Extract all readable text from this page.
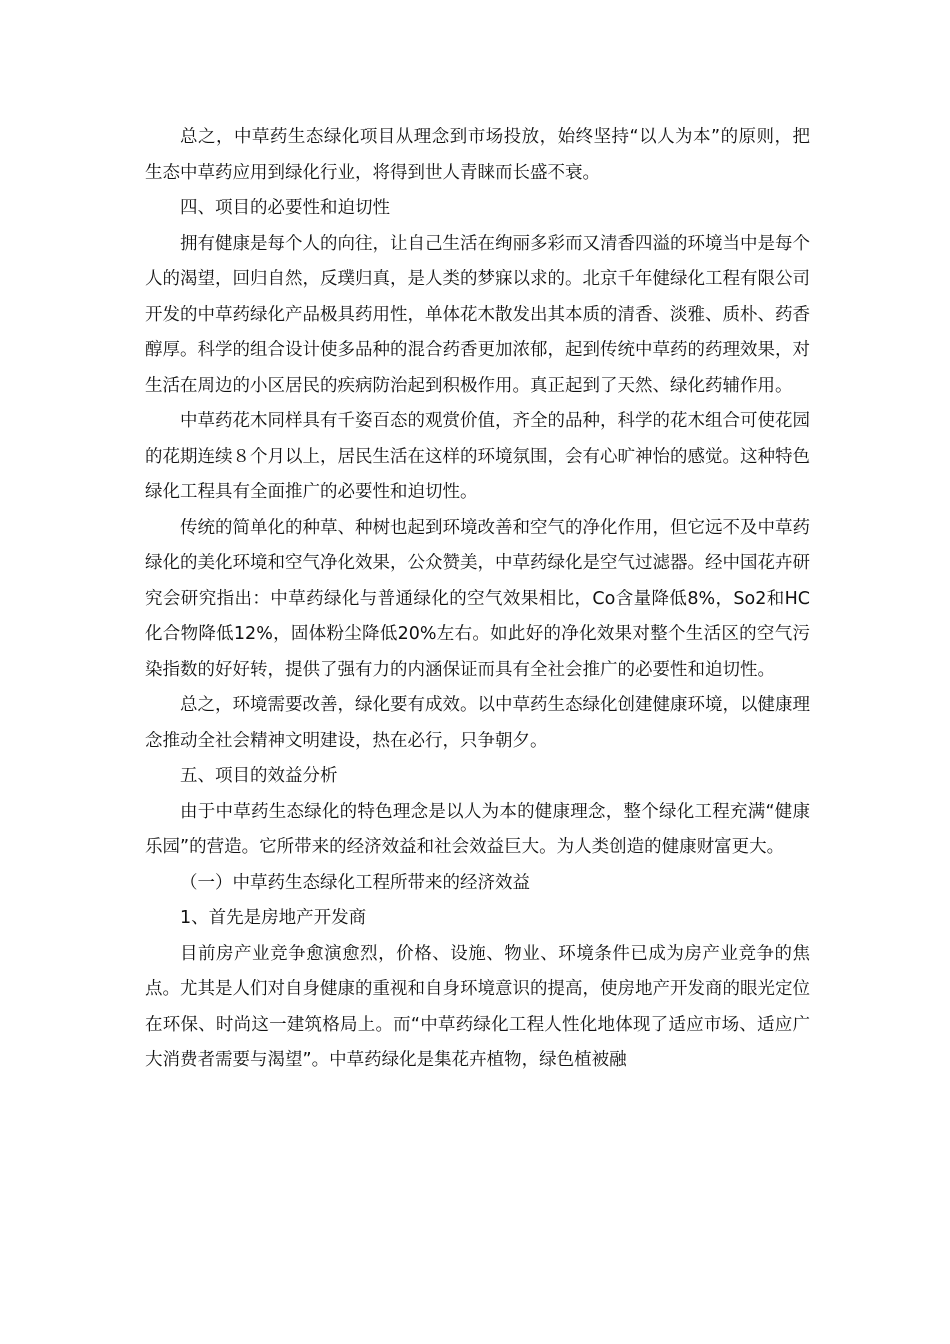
总之，中草药生态绿化项目从理念到市场投放，始终坚持“以人为本”的原则，把生态中草药应用到绿化行业，将得到世人青睐而长盛不衰。

四、项目的必要性和迫切性

拥有健康是每个人的向往，让自己生活在绚丽多彩而又清香四溢的环境当中是每个人的渴望，回归自然，反璞归真，是人类的梦寐以求的。北京千年健绿化工程有限公司开发的中草药绿化产品极具药用性，单体花木散发出其本质的清香、淡雅、质朴、药香醇厚。科学的组合设计使多品种的混合药香更加浓郁，起到传统中草药的药理效果，对生活在周边的小区居民的疾病防治起到积极作用。真正起到了天然、绿化药辅作用。

中草药花木同样具有千姿百态的观赏价值，齐全的品种，科学的花木组合可使花园的花期连续８个月以上，居民生活在这样的环境氛围，会有心旷神怡的感觉。这种特色绿化工程具有全面推广的必要性和迫切性。

传统的简单化的种草、种树也起到环境改善和空气的净化作用，但它远不及中草药绿化的美化环境和空气净化效果，公众赞美，中草药绿化是空气过滤器。经中国花卉研究会研究指出：中草药绿化与普通绿化的空气效果相比，Co含量降低8%，So2和HC化合物降低12%，固体粉尘降低20%左右。如此好的净化效果对整个生活区的空气污染指数的好好转，提供了强有力的内涵保证而具有全社会推广的必要性和迫切性。

总之，环境需要改善，绿化要有成效。以中草药生态绿化创建健康环境，以健康理念推动全社会精神文明建设，热在必行，只争朝夕。

五、项目的效益分析

由于中草药生态绿化的特色理念是以人为本的健康理念，整个绿化工程充满“健康乐园”的营造。它所带来的经济效益和社会效益巨大。为人类创造的健康财富更大。

（一）中草药生态绿化工程所带来的经济效益

1、首先是房地产开发商

目前房产业竞争愈演愈烈，价格、设施、物业、环境条件已成为房产业竞争的焦点。尤其是人们对自身健康的重视和自身环境意识的提高，使房地产开发商的眼光定位在环保、时尚这一建筑格局上。而“中草药绿化工程人性化地体现了适应市场、适应广大消费者需要与渴望”。中草药绿化是集花卉植物，绿色植被融
